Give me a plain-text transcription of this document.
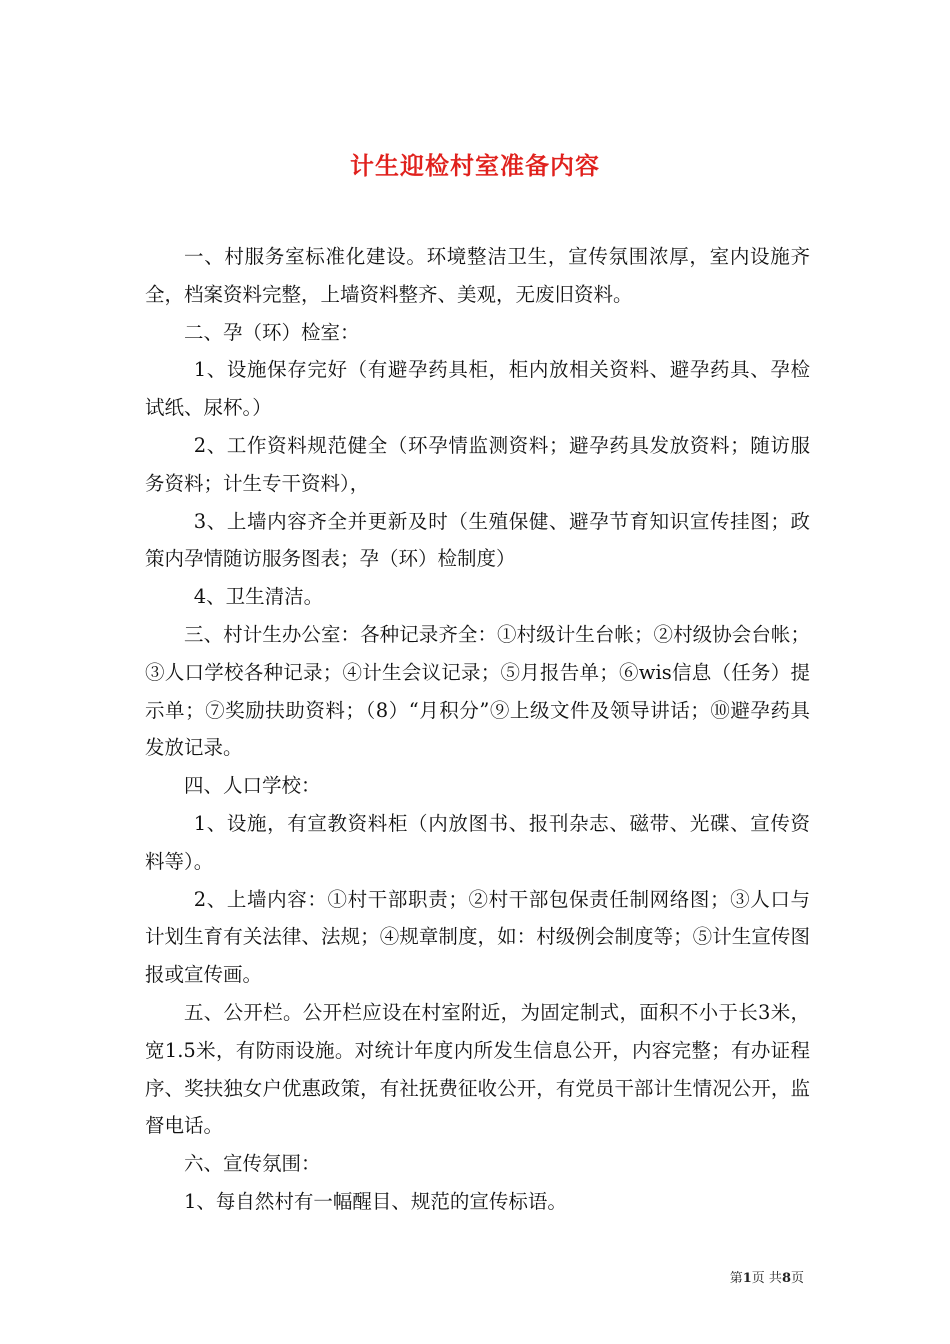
计生迎检村室准备内容

一、村服务室标准化建设。环境整洁卫生，宣传氛围浓厚，室内设施齐全，档案资料完整，上墙资料整齐、美观，无废旧资料。

二、孕（环）检室：

1、设施保存完好（有避孕药具柜，柜内放相关资料、避孕药具、孕检试纸、尿杯。）

2、工作资料规范健全（环孕情监测资料；避孕药具发放资料；随访服务资料；计生专干资料），

3、上墙内容齐全并更新及时（生殖保健、避孕节育知识宣传挂图；政策内孕情随访服务图表；孕（环）检制度）

4、卫生清洁。

三、村计生办公室：各种记录齐全：①村级计生台帐；②村级协会台帐；③人口学校各种记录；④计生会议记录；⑤月报告单；⑥wis信息（任务）提示单；⑦奖励扶助资料；（8）“月积分”⑨上级文件及领导讲话；⑩避孕药具发放记录。

四、人口学校：

1、设施，有宣教资料柜（内放图书、报刊杂志、磁带、光碟、宣传资料等）。

2、上墙内容：①村干部职责；②村干部包保责任制网络图；③人口与计划生育有关法律、法规；④规章制度，如：村级例会制度等；⑤计生宣传图报或宣传画。

五、公开栏。公开栏应设在村室附近，为固定制式，面积不小于长3米，宽1.5米，有防雨设施。对统计年度内所发生信息公开，内容完整；有办证程序、奖扶独女户优惠政策，有社抚费征收公开，有党员干部计生情况公开，监督电话。

六、宣传氛围：

1、每自然村有一幅醒目、规范的宣传标语。

第1页 共8页
